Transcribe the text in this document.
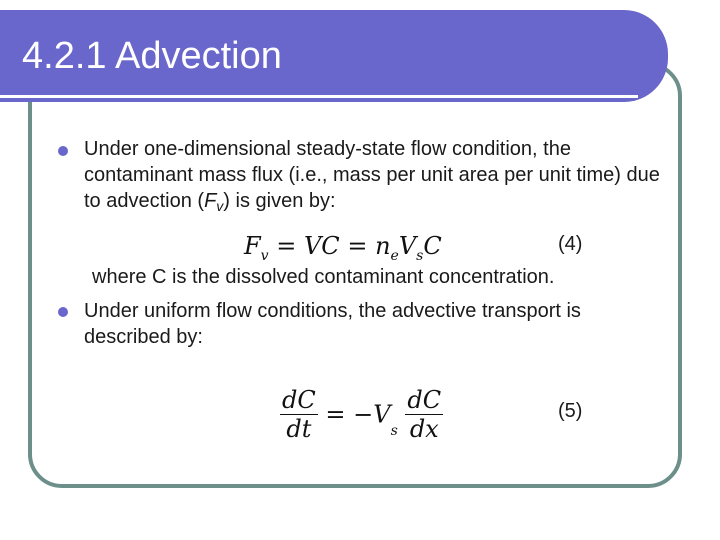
4.2.1 Advection
Under one-dimensional steady-state flow condition, the contaminant mass flux (i.e., mass per unit area per unit time) due to advection $(F_v)$ is given by:
$F_v$ = VC = $n_eV_sC$	(4)
where C is the dissolved contaminant concentration.
Under uniform flow conditions, the advective transport is described by:
$\frac{dC}{dt} = -V_s \frac{dC}{dx}$	(5)
